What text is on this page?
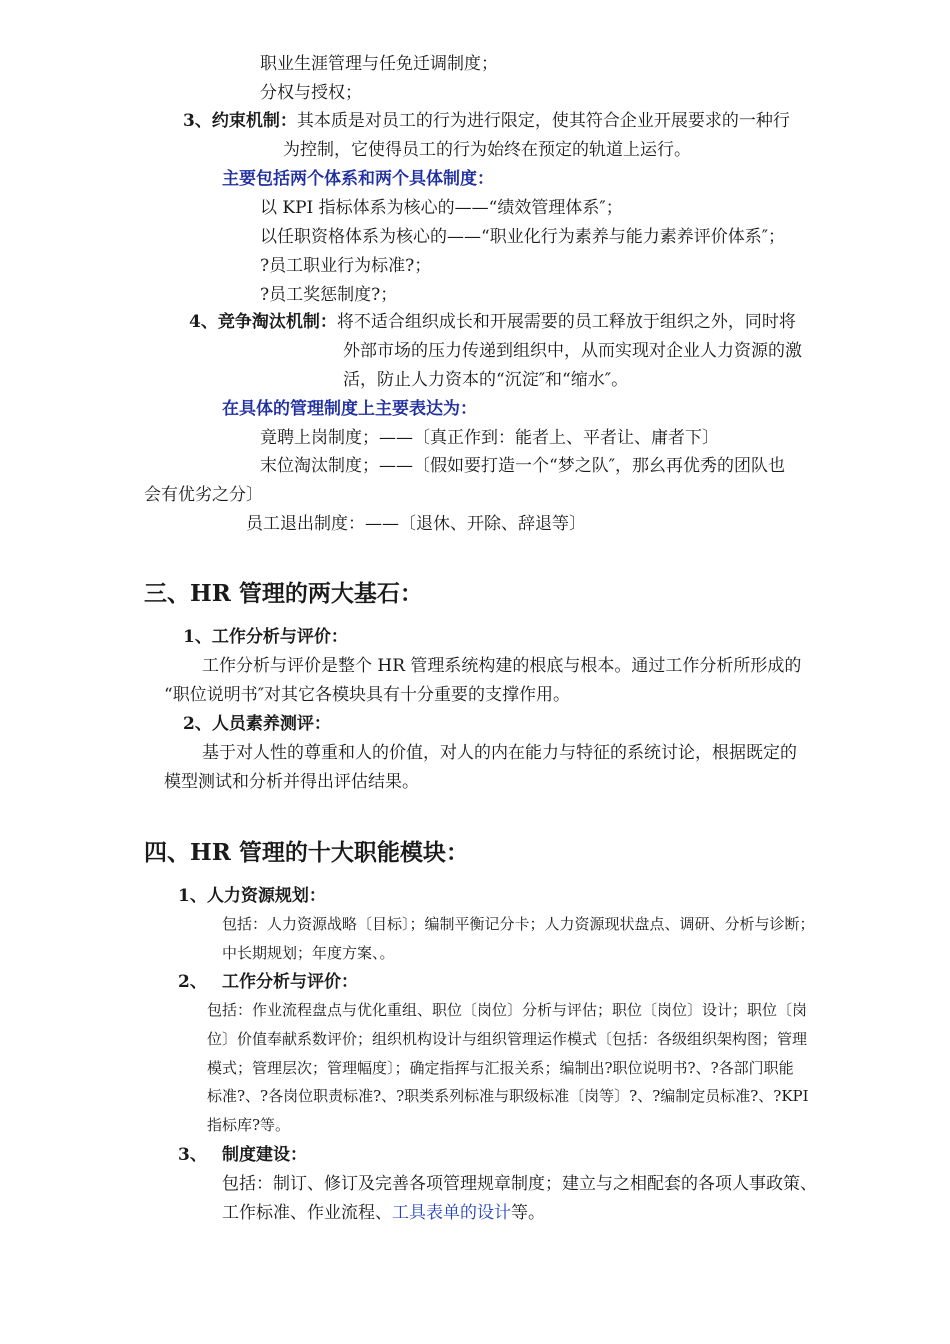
职业生涯管理与任免迁调制度；
分权与授权；
3、约束机制：其本质是对员工的行为进行限定，使其符合企业开展要求的一种行
为控制，它使得员工的行为始终在预定的轨道上运行。
主要包括两个体系和两个具体制度：
以 KPI 指标体系为核心的——“绩效管理体系″；
以任职资格体系为核心的——“职业化行为素养与能力素养评价体系″；
?员工职业行为标准?；
?员工奖惩制度?；
4、竞争淘汰机制：将不适合组织成长和开展需要的员工释放于组织之外，同时将
外部市场的压力传递到组织中，从而实现对企业人力资源的激
活，防止人力资本的“沉淀″和“缩水″。
在具体的管理制度上主要表达为：
竟聘上岗制度；——〔真正作到：能者上、平者让、庸者下〕
末位淘汰制度；——〔假如要打造一个“梦之队″，那幺再优秀的团队也
会有优劣之分〕
员工退出制度：——〔退休、开除、辞退等〕
三、HR 管理的两大基石：
1、工作分析与评价：
工作分析与评价是整个 HR 管理系统构建的根底与根本。通过工作分析所形成的
“职位说明书″对其它各模块具有十分重要的支撑作用。
2、人员素养测评：
基于对人性的尊重和人的价值，对人的内在能力与特征的系统讨论，根据既定的
模型测试和分析并得出评估结果。
四、HR 管理的十大职能模块：
1、人力资源规划：
包括：人力资源战略〔目标〕；编制平衡记分卡；人力资源现状盘点、调研、分析与诊断；
中长期规划；年度方案、。
2、 工作分析与评价：
包括：作业流程盘点与优化重组、职位〔岗位〕分析与评估；职位〔岗位〕设计；职位〔岗
位〕价值奉献系数评价；组织机构设计与组织管理运作模式〔包括：各级组织架构图；管理
模式；管理层次；管理幅度〕；确定指挥与汇报关系；编制出?职位说明书?、?各部门职能
标准?、?各岗位职责标准?、?职类系列标准与职级标准〔岗等〕?、?编制定员标准?、?KPI
指标库?等。
3、 制度建设：
包括：制订、修订及完善各项管理规章制度；建立与之相配套的各项人事政策、
工作标准、作业流程、工具表单的设计等。
